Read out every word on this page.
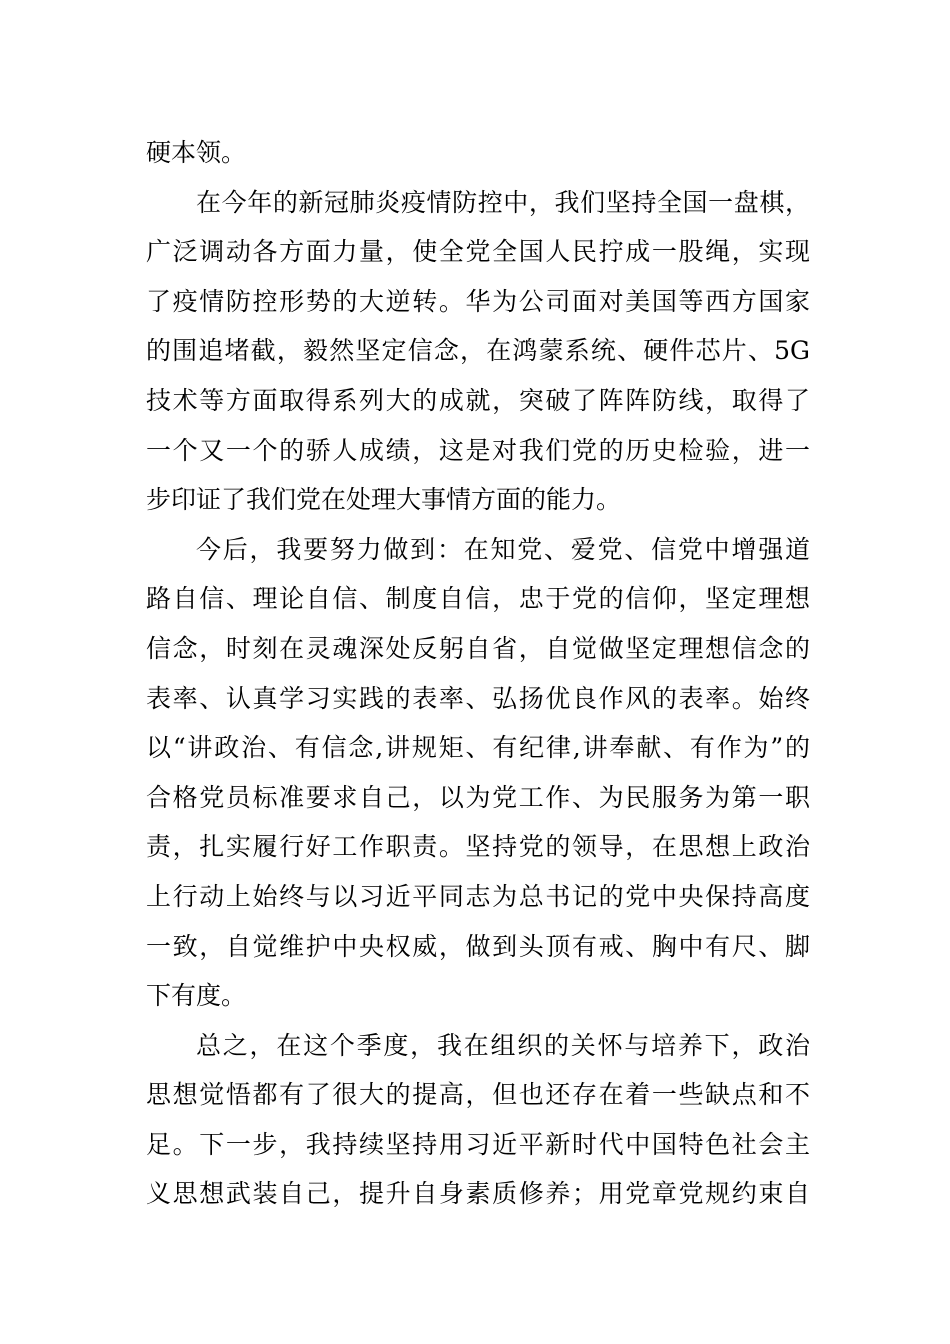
硬本领。
在今年的新冠肺炎疫情防控中，我们坚持全国一盘棋，
广泛调动各方面力量，使全党全国人民拧成一股绳，实现
了疫情防控形势的大逆转。华为公司面对美国等西方国家
的围追堵截，毅然坚定信念，在鸿蒙系统、硬件芯片、5G
技术等方面取得系列大的成就，突破了阵阵防线，取得了
一个又一个的骄人成绩，这是对我们党的历史检验，进一
步印证了我们党在处理大事情方面的能力。
今后，我要努力做到：在知党、爱党、信党中增强道
路自信、理论自信、制度自信，忠于党的信仰，坚定理想
信念，时刻在灵魂深处反躬自省，自觉做坚定理想信念的
表率、认真学习实践的表率、弘扬优良作风的表率。始终
以“讲政治、有信念,讲规矩、有纪律,讲奉献、有作为”的
合格党员标准要求自己，以为党工作、为民服务为第一职
责，扎实履行好工作职责。坚持党的领导，在思想上政治
上行动上始终与以习近平同志为总书记的党中央保持高度
一致，自觉维护中央权威，做到头顶有戒、胸中有尺、脚
下有度。
总之，在这个季度，我在组织的关怀与培养下，政治
思想觉悟都有了很大的提高，但也还存在着一些缺点和不
足。下一步，我持续坚持用习近平新时代中国特色社会主
义思想武装自己，提升自身素质修养；用党章党规约束自
